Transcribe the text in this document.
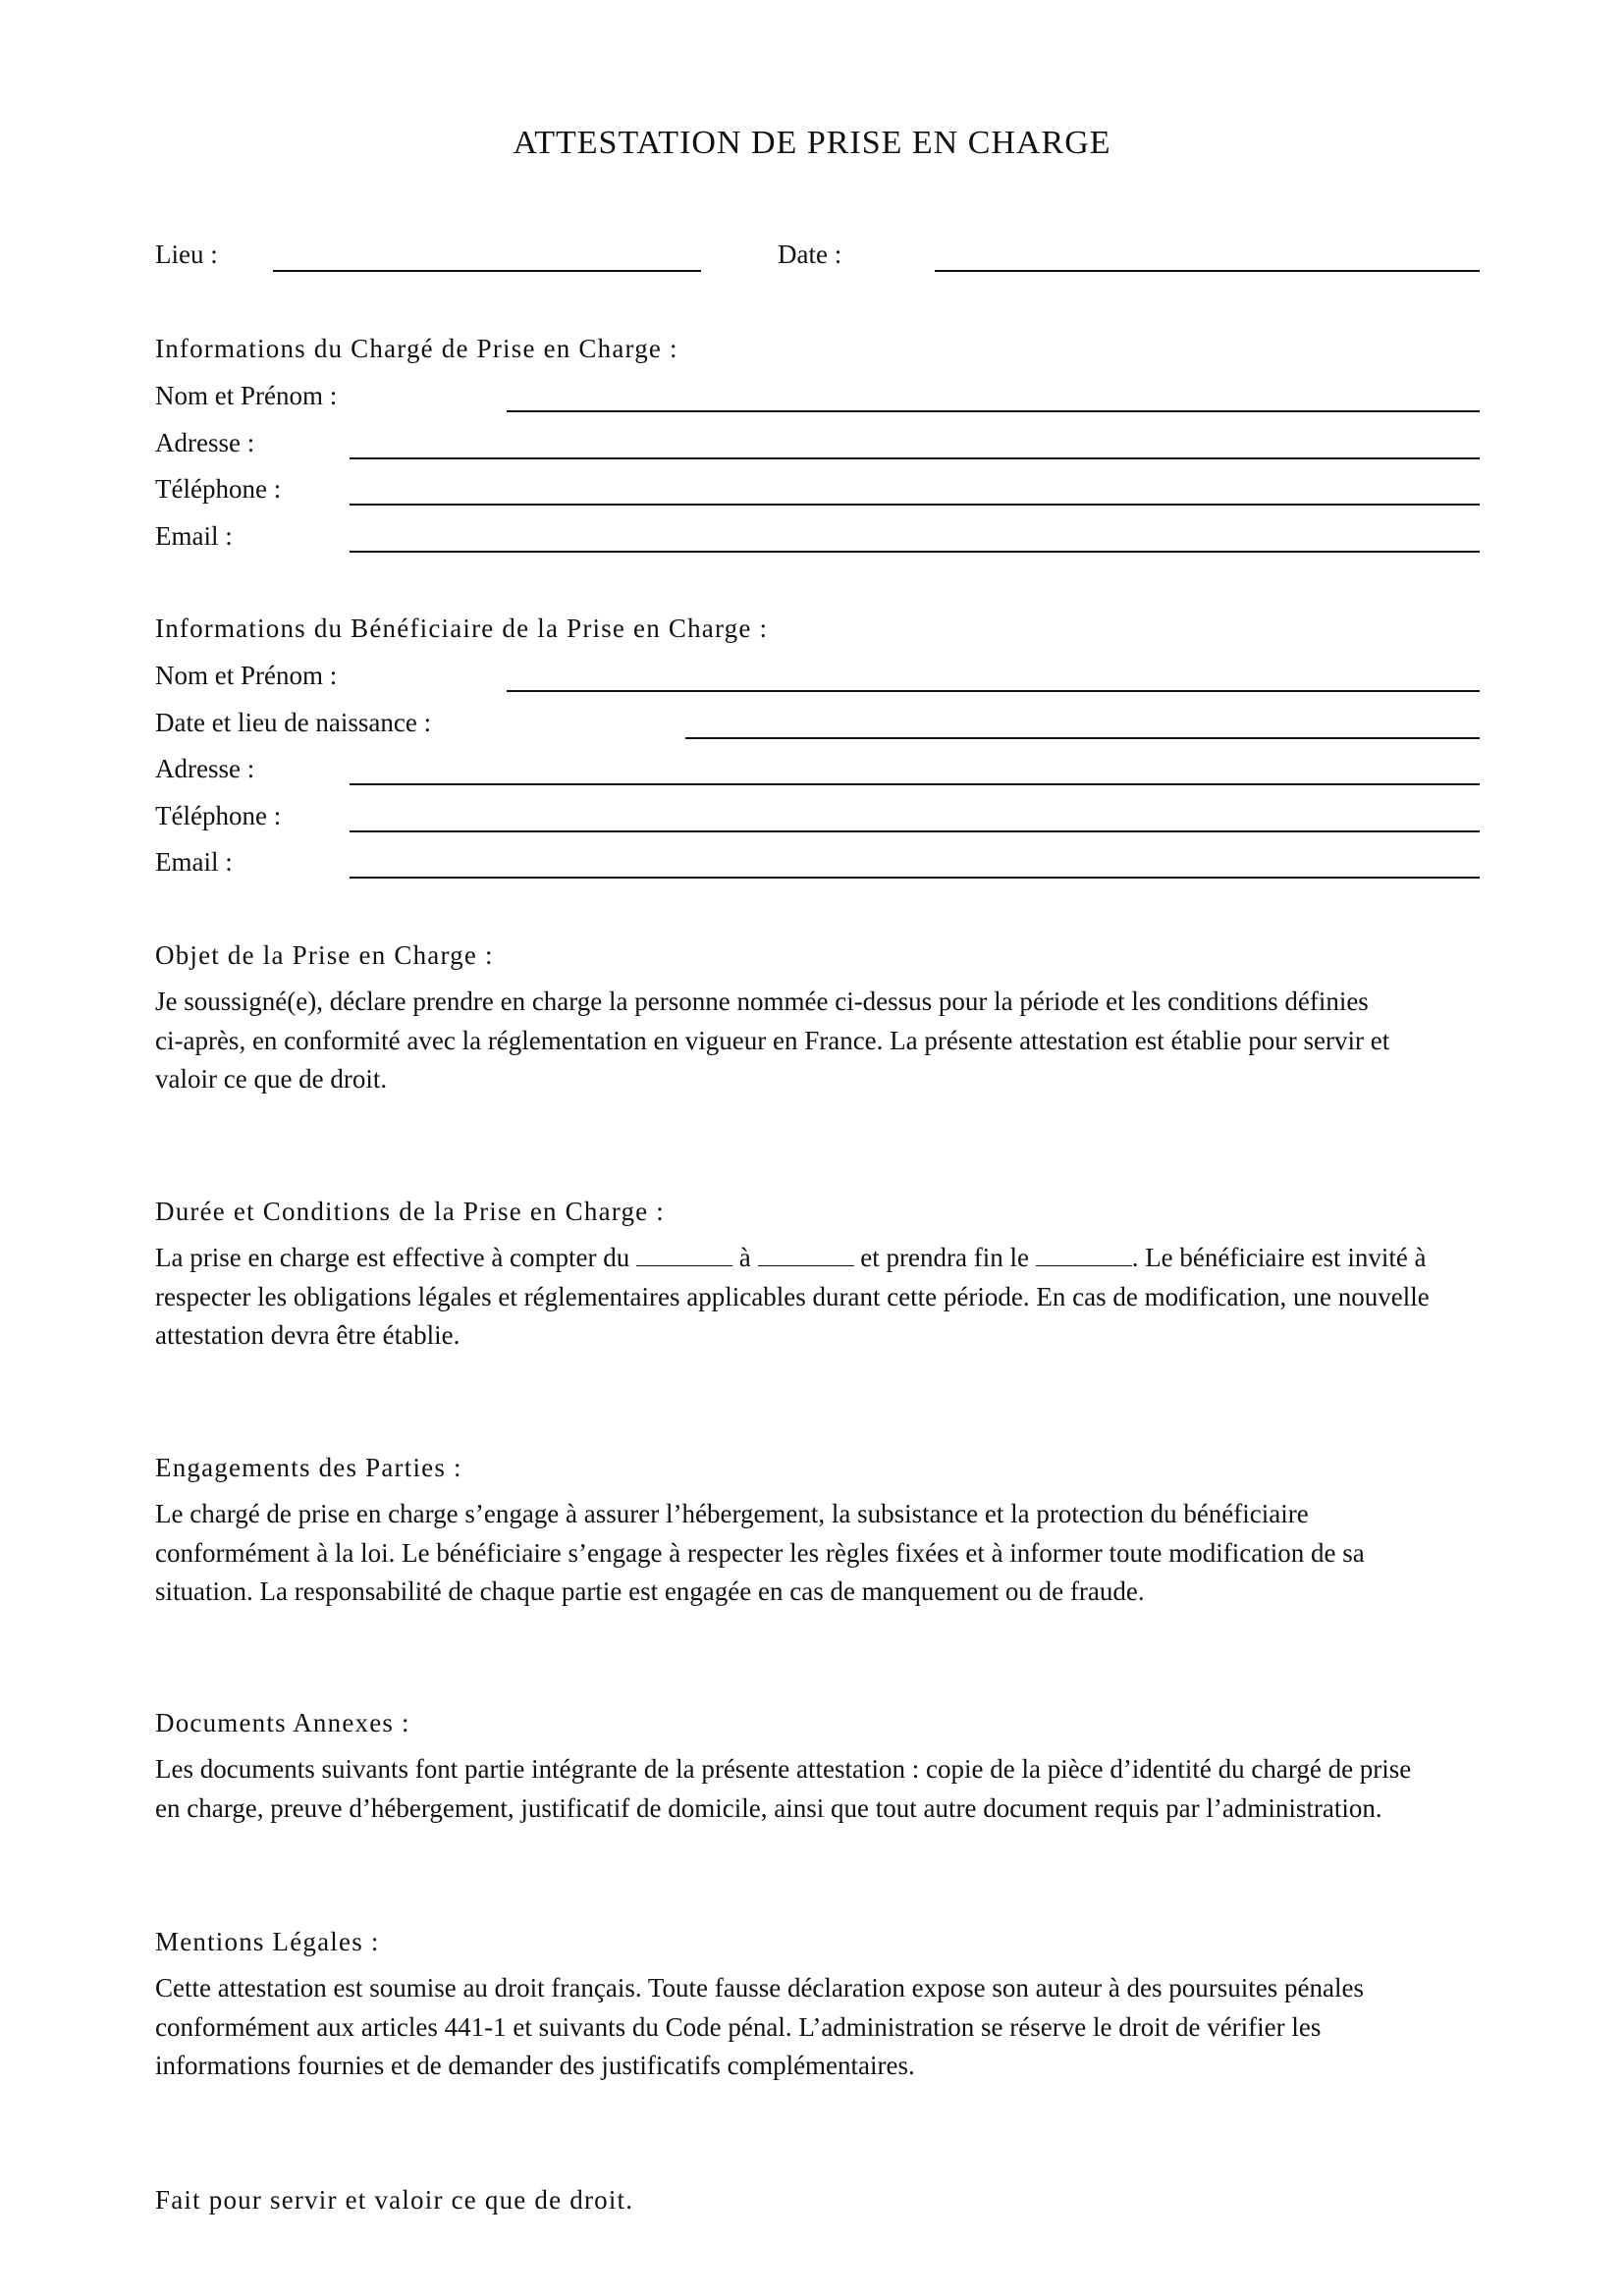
ATTESTATION DE PRISE EN CHARGE
Lieu :	Date :
Informations du Chargé de Prise en Charge :
Nom et Prénom :
Adresse :
Téléphone :
Email :
Informations du Bénéficiaire de la Prise en Charge :
Nom et Prénom :
Date et lieu de naissance :
Adresse :
Téléphone :
Email :
Objet de la Prise en Charge :

Je soussigné(e), déclare prendre en charge la personne nommée ci-dessus pour la période et les conditions définies

ci-après, en conformité avec la réglementation en vigueur en France. La présente attestation est établie pour servir et

valoir ce que de droit.

Durée et Conditions de la Prise en Charge :

La prise en charge est effective à compter du	à	et prendra fin le	. Le bénéficiaire est invité à

respecter les obligations légales et réglementaires applicables durant cette période. En cas de modification, une nouvelle

attestation devra être établie.

Engagements des Parties :

Le chargé de prise en charge s’engage à assurer l’hébergement, la subsistance et la protection du bénéficiaire

conformément à la loi. Le bénéficiaire s’engage à respecter les règles fixées et à informer toute modification de sa

situation. La responsabilité de chaque partie est engagée en cas de manquement ou de fraude.

Documents Annexes :

Les documents suivants font partie intégrante de la présente attestation : copie de la pièce d’identité du chargé de prise

en charge, preuve d’hébergement, justificatif de domicile, ainsi que tout autre document requis par l’administration.

Mentions Légales :

Cette attestation est soumise au droit français. Toute fausse déclaration expose son auteur à des poursuites pénales

conformément aux articles 441-1 et suivants du Code pénal. L’administration se réserve le droit de vérifier les

informations fournies et de demander des justificatifs complémentaires.

Fait pour servir et valoir ce que de droit.
